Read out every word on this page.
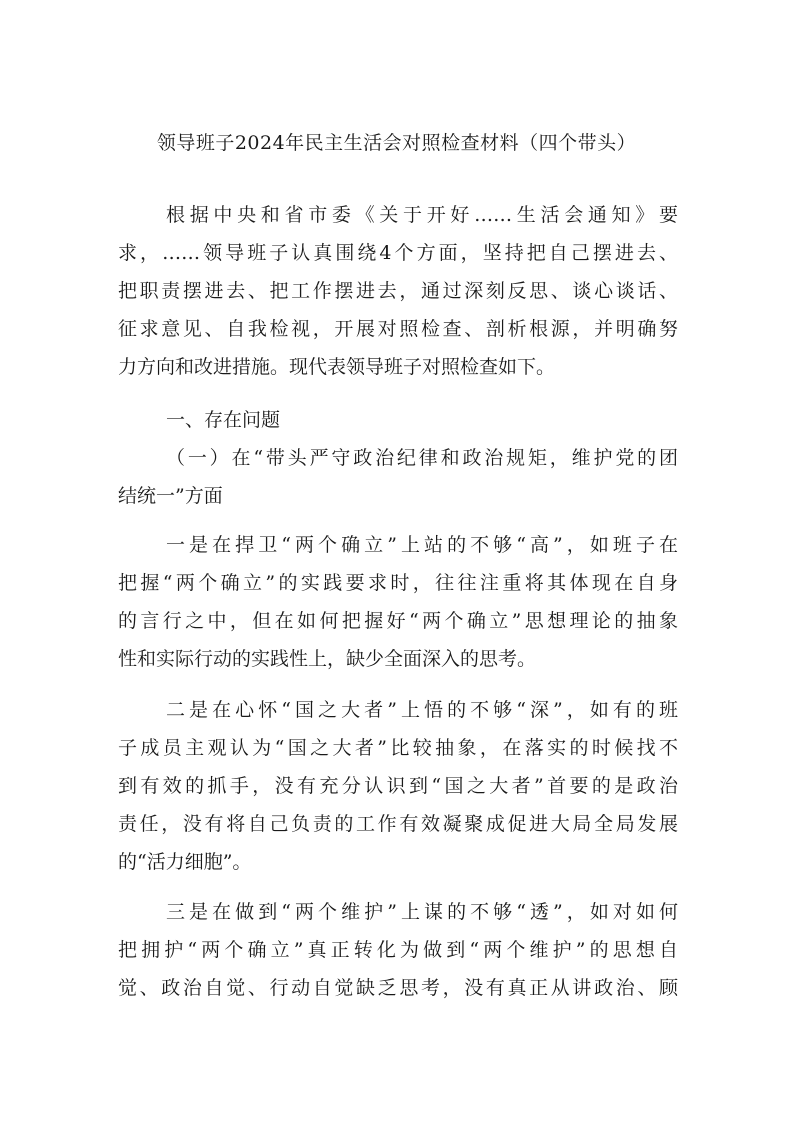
领导班子2024年民主生活会对照检查材料（四个带头）
根据中央和省市委《关于开好……生活会通知》要
求，……领导班子认真围绕4个方面，坚持把自己摆进去、
把职责摆进去、把工作摆进去，通过深刻反思、谈心谈话、
征求意见、自我检视，开展对照检查、剖析根源，并明确努
力方向和改进措施。现代表领导班子对照检查如下。
一、存在问题
（一）在“带头严守政治纪律和政治规矩，维护党的团
结统一”方面
一是在捍卫“两个确立”上站的不够“高”，如班子在
把握“两个确立”的实践要求时，往往注重将其体现在自身
的言行之中，但在如何把握好“两个确立”思想理论的抽象
性和实际行动的实践性上，缺少全面深入的思考。
二是在心怀“国之大者”上悟的不够“深”，如有的班
子成员主观认为“国之大者”比较抽象，在落实的时候找不
到有效的抓手，没有充分认识到“国之大者”首要的是政治
责任，没有将自己负责的工作有效凝聚成促进大局全局发展
的“活力细胞”。
三是在做到“两个维护”上谋的不够“透”，如对如何
把拥护“两个确立”真正转化为做到“两个维护”的思想自
觉、政治自觉、行动自觉缺乏思考，没有真正从讲政治、顾
